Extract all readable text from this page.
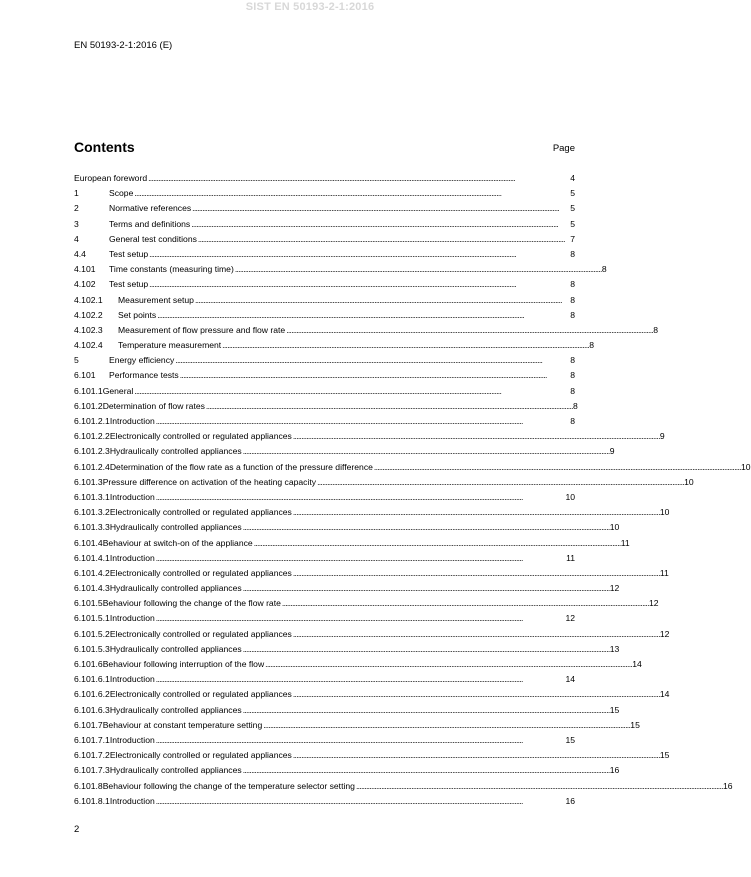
SIST EN 50193-2-1:2016
EN 50193-2-1:2016 (E)
Contents	Page
European foreword . . .	4
1	Scope . . .	5
2	Normative references . . .	5
3	Terms and definitions . . .	5
4	General test conditions . . .	7
4.4	Test setup . . .	8
4.101	Time constants (measuring time) . . .	8
4.102	Test setup . . .	8
4.102.1	Measurement setup . . .	8
4.102.2	Set points . . .	8
4.102.3	Measurement of flow pressure and flow rate . . .	8
4.102.4	Temperature measurement . . .	8
5	Energy efficiency . . .	8
6.101	Performance tests . . .	8
6.101.1 General . . .	8
6.101.2 Determination of flow rates . . .	8
6.101.2.1 Introduction . . .	8
6.101.2.2 Electronically controlled or regulated appliances . . .	9
6.101.2.3 Hydraulically controlled appliances . . .	9
6.101.2.4 Determination of the flow rate as a function of the pressure difference . . .	10
6.101.3 Pressure difference on activation of the heating capacity . . .	10
6.101.3.1 Introduction . . .	10
6.101.3.2 Electronically controlled or regulated appliances . . .	10
6.101.3.3 Hydraulically controlled appliances . . .	10
6.101.4 Behaviour at switch-on of the appliance . . .	11
6.101.4.1 Introduction . . .	11
6.101.4.2 Electronically controlled or regulated appliances . . .	11
6.101.4.3 Hydraulically controlled appliances . . .	12
6.101.5 Behaviour following the change of the flow rate . . .	12
6.101.5.1 Introduction . . .	12
6.101.5.2 Electronically controlled or regulated appliances . . .	12
6.101.5.3 Hydraulically controlled appliances . . .	13
6.101.6 Behaviour following interruption of the flow . . .	14
6.101.6.1 Introduction . . .	14
6.101.6.2 Electronically controlled or regulated appliances . . .	14
6.101.6.3 Hydraulically controlled appliances . . .	15
6.101.7 Behaviour at constant temperature setting . . .	15
6.101.7.1 Introduction . . .	15
6.101.7.2 Electronically controlled or regulated appliances . . .	15
6.101.7.3 Hydraulically controlled appliances . . .	16
6.101.8 Behaviour following the change of the temperature selector setting . . .	16
6.101.8.1 Introduction . . .	16
2
